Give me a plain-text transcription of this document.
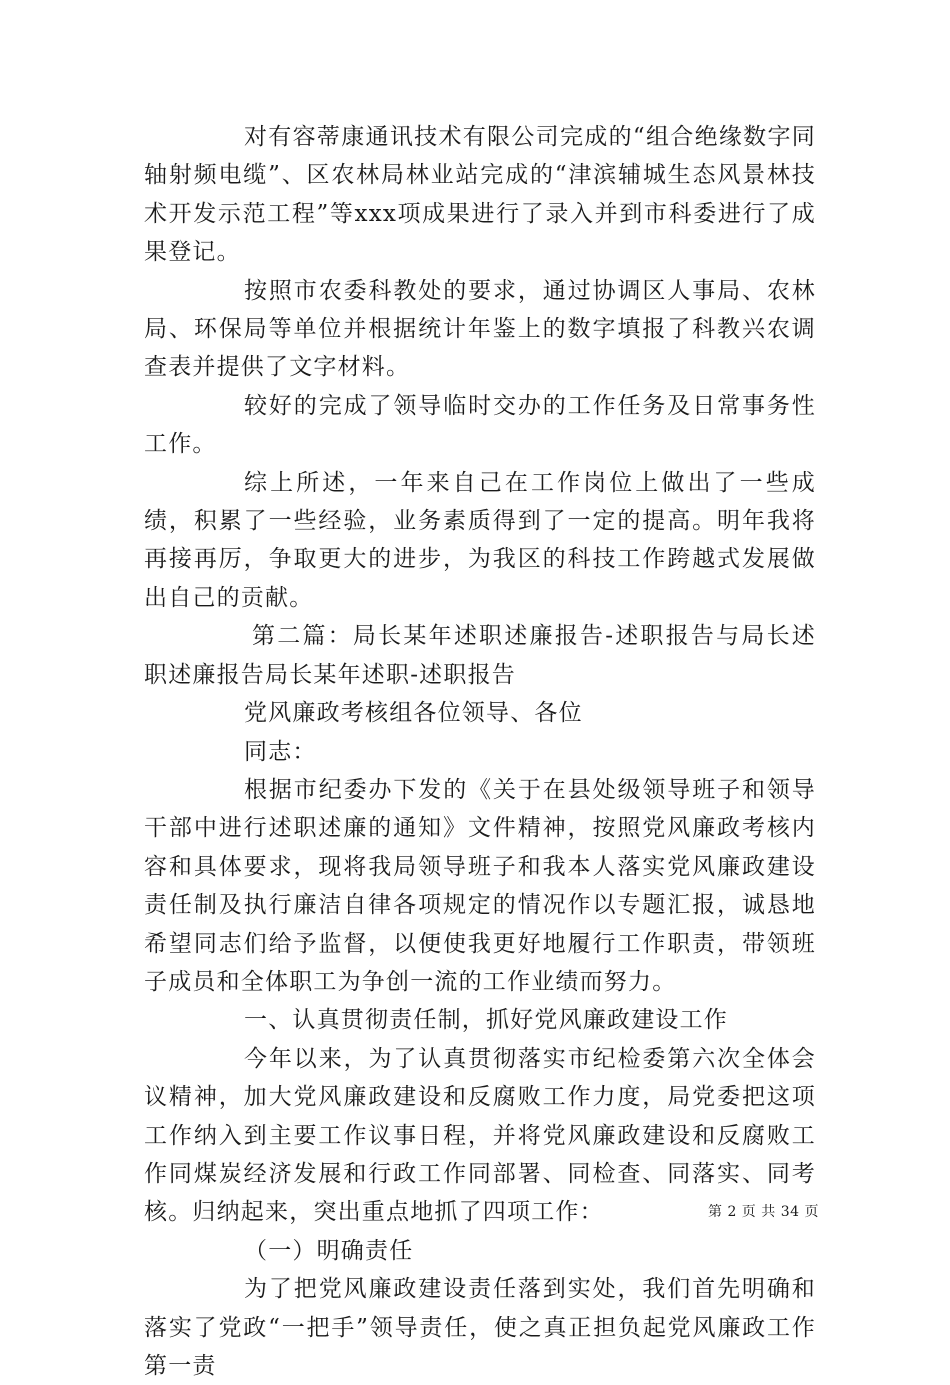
对有容蒂康通讯技术有限公司完成的“组合绝缘数字同轴射频电缆”、区农林局林业站完成的“津滨辅城生态风景林技术开发示范工程”等xxx项成果进行了录入并到市科委进行了成果登记。

按照市农委科教处的要求，通过协调区人事局、农林局、环保局等单位并根据统计年鉴上的数字填报了科教兴农调查表并提供了文字材料。

较好的完成了领导临时交办的工作任务及日常事务性工作。

综上所述，一年来自己在工作岗位上做出了一些成绩，积累了一些经验，业务素质得到了一定的提高。明年我将再接再厉，争取更大的进步，为我区的科技工作跨越式发展做出自己的贡献。

第二篇：局长某年述职述廉报告-述职报告与局长述职述廉报告局长某年述职-述职报告

党风廉政考核组各位领导、各位

同志：

根据市纪委办下发的《关于在县处级领导班子和领导干部中进行述职述廉的通知》文件精神，按照党风廉政考核内容和具体要求，现将我局领导班子和我本人落实党风廉政建设责任制及执行廉洁自律各项规定的情况作以专题汇报，诚恳地希望同志们给予监督，以便使我更好地履行工作职责，带领班子成员和全体职工为争创一流的工作业绩而努力。

一、认真贯彻责任制，抓好党风廉政建设工作

今年以来，为了认真贯彻落实市纪检委第六次全体会议精神，加大党风廉政建设和反腐败工作力度，局党委把这项工作纳入到主要工作议事日程，并将党风廉政建设和反腐败工作同煤炭经济发展和行政工作同部署、同检查、同落实、同考核。归纳起来，突出重点地抓了四项工作：

（一）明确责任

为了把党风廉政建设责任落到实处，我们首先明确和落实了党政“一把手”领导责任，使之真正担负起党风廉政工作第一责

第 2 页 共 34 页
